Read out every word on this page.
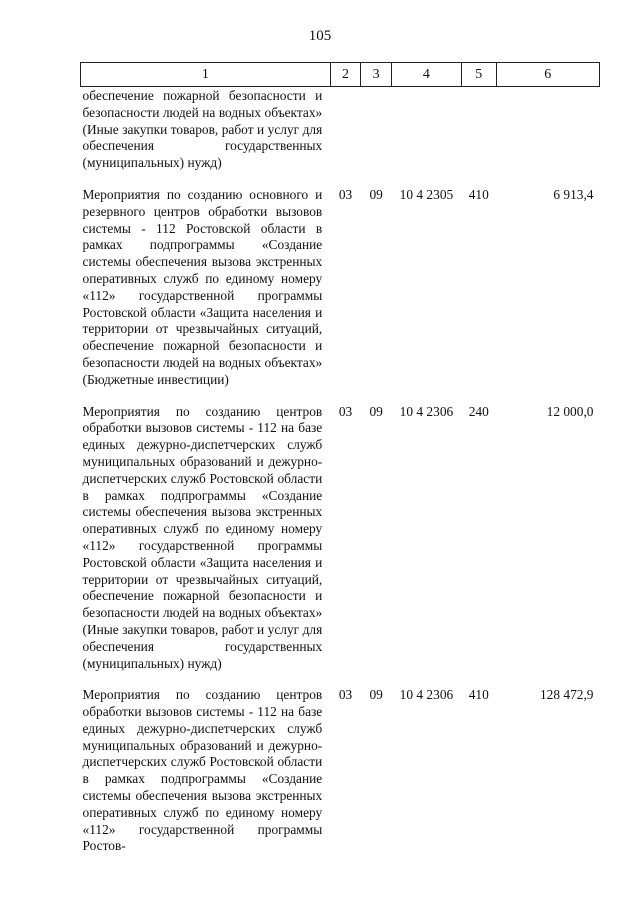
105
1	2	3	4	5	6
обеспечение пожарной безопасности и безопасности людей на водных объектах» (Иные закупки товаров, работ и услуг для обеспечения государственных (муниципальных) нужд)					

Мероприятия по созданию основного и резервного центров обработки вызовов системы - 112 Ростовской области в рамках подпрограммы «Создание системы обеспечения вызова экстренных оперативных служб по единому номеру «112» государственной программы Ростовской области «Защита населения и территории от чрезвычайных ситуаций, обеспечение пожарной безопасности и безопасности людей на водных объектах» (Бюджетные инвестиции)	03	09	10 4 2305	410	6 913,4

Мероприятия по созданию центров обработки вызовов системы - 112 на базе единых дежурно-диспетчерских служб муниципальных образований и дежурно-диспетчерских служб Ростовской области в рамках подпрограммы «Создание системы обеспечения вызова экстренных оперативных служб по единому номеру «112» государственной программы Ростовской области «Защита населения и территории от чрезвычайных ситуаций, обеспечение пожарной безопасности и безопасности людей на водных объектах» (Иные закупки товаров, работ и услуг для обеспечения государственных (муниципальных) нужд)	03	09	10 4 2306	240	12 000,0

Мероприятия по созданию центров обработки вызовов системы - 112 на базе единых дежурно-диспетчерских служб муниципальных образований и дежурно-диспетчерских служб Ростовской области в рамках подпрограммы «Создание системы обеспечения вызова экстренных оперативных служб по единому номеру «112» государственной программы Ростов-	03	09	10 4 2306	410	128 472,9
